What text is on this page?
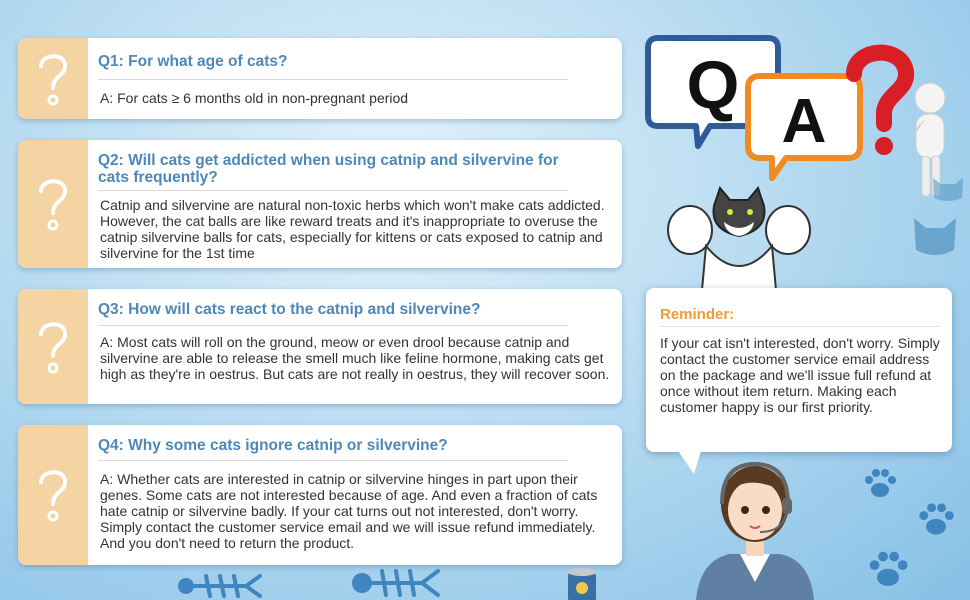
Q1: For what age of cats?
A: For cats ≥ 6 months old in non-pregnant period
Q2: Will cats get addicted when using catnip and silvervine for cats frequently?
Catnip and silvervine are natural non-toxic herbs which won't make cats addicted. However, the cat balls are like reward treats and it's inappropriate to overuse the catnip silvervine balls for cats, especially for kittens or cats exposed to catnip and silvervine for the 1st time
Q3: How will cats react to the catnip and silvervine?
A: Most cats will roll on the ground, meow or even drool because catnip and silvervine are able to release the smell much like feline hormone, making cats get high as they're in oestrus. But cats are not really in oestrus, they will recover soon.
Q4: Why some cats ignore catnip or silvervine?
A: Whether cats are interested in catnip or silvervine hinges in part upon their genes. Some cats are not interested because of age. And even a fraction of cats hate catnip or silvervine badly. If your cat turns out not interested, don't worry. Simply contact the customer service email and we will issue refund immediately. And you don't need to return the product.
Q A
Reminder:
If your cat isn't interested, don't worry. Simply contact the customer service email address on the package and we'll issue full refund at once without item return. Making each customer happy is our first priority.
